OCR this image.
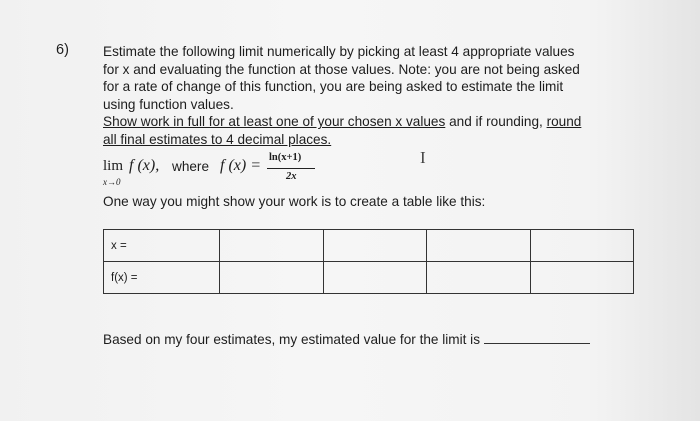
6)	Estimate the following limit numerically by picking at least 4 appropriate values

for x and evaluating the function at those values. Note: you are not being asked

for a rate of change of this function, you are being asked to estimate the limit

using function values.

Show work in full for at least one of your chosen x values and if rounding, round

all final estimates to 4 decimal places.

lim
x→0
f (x), where f (x) = ln(x+1)
2x
I
One way you might show your work is to create a table like this:
x =				
f(x) =				
Based on my four estimates, my estimated value for the limit is
